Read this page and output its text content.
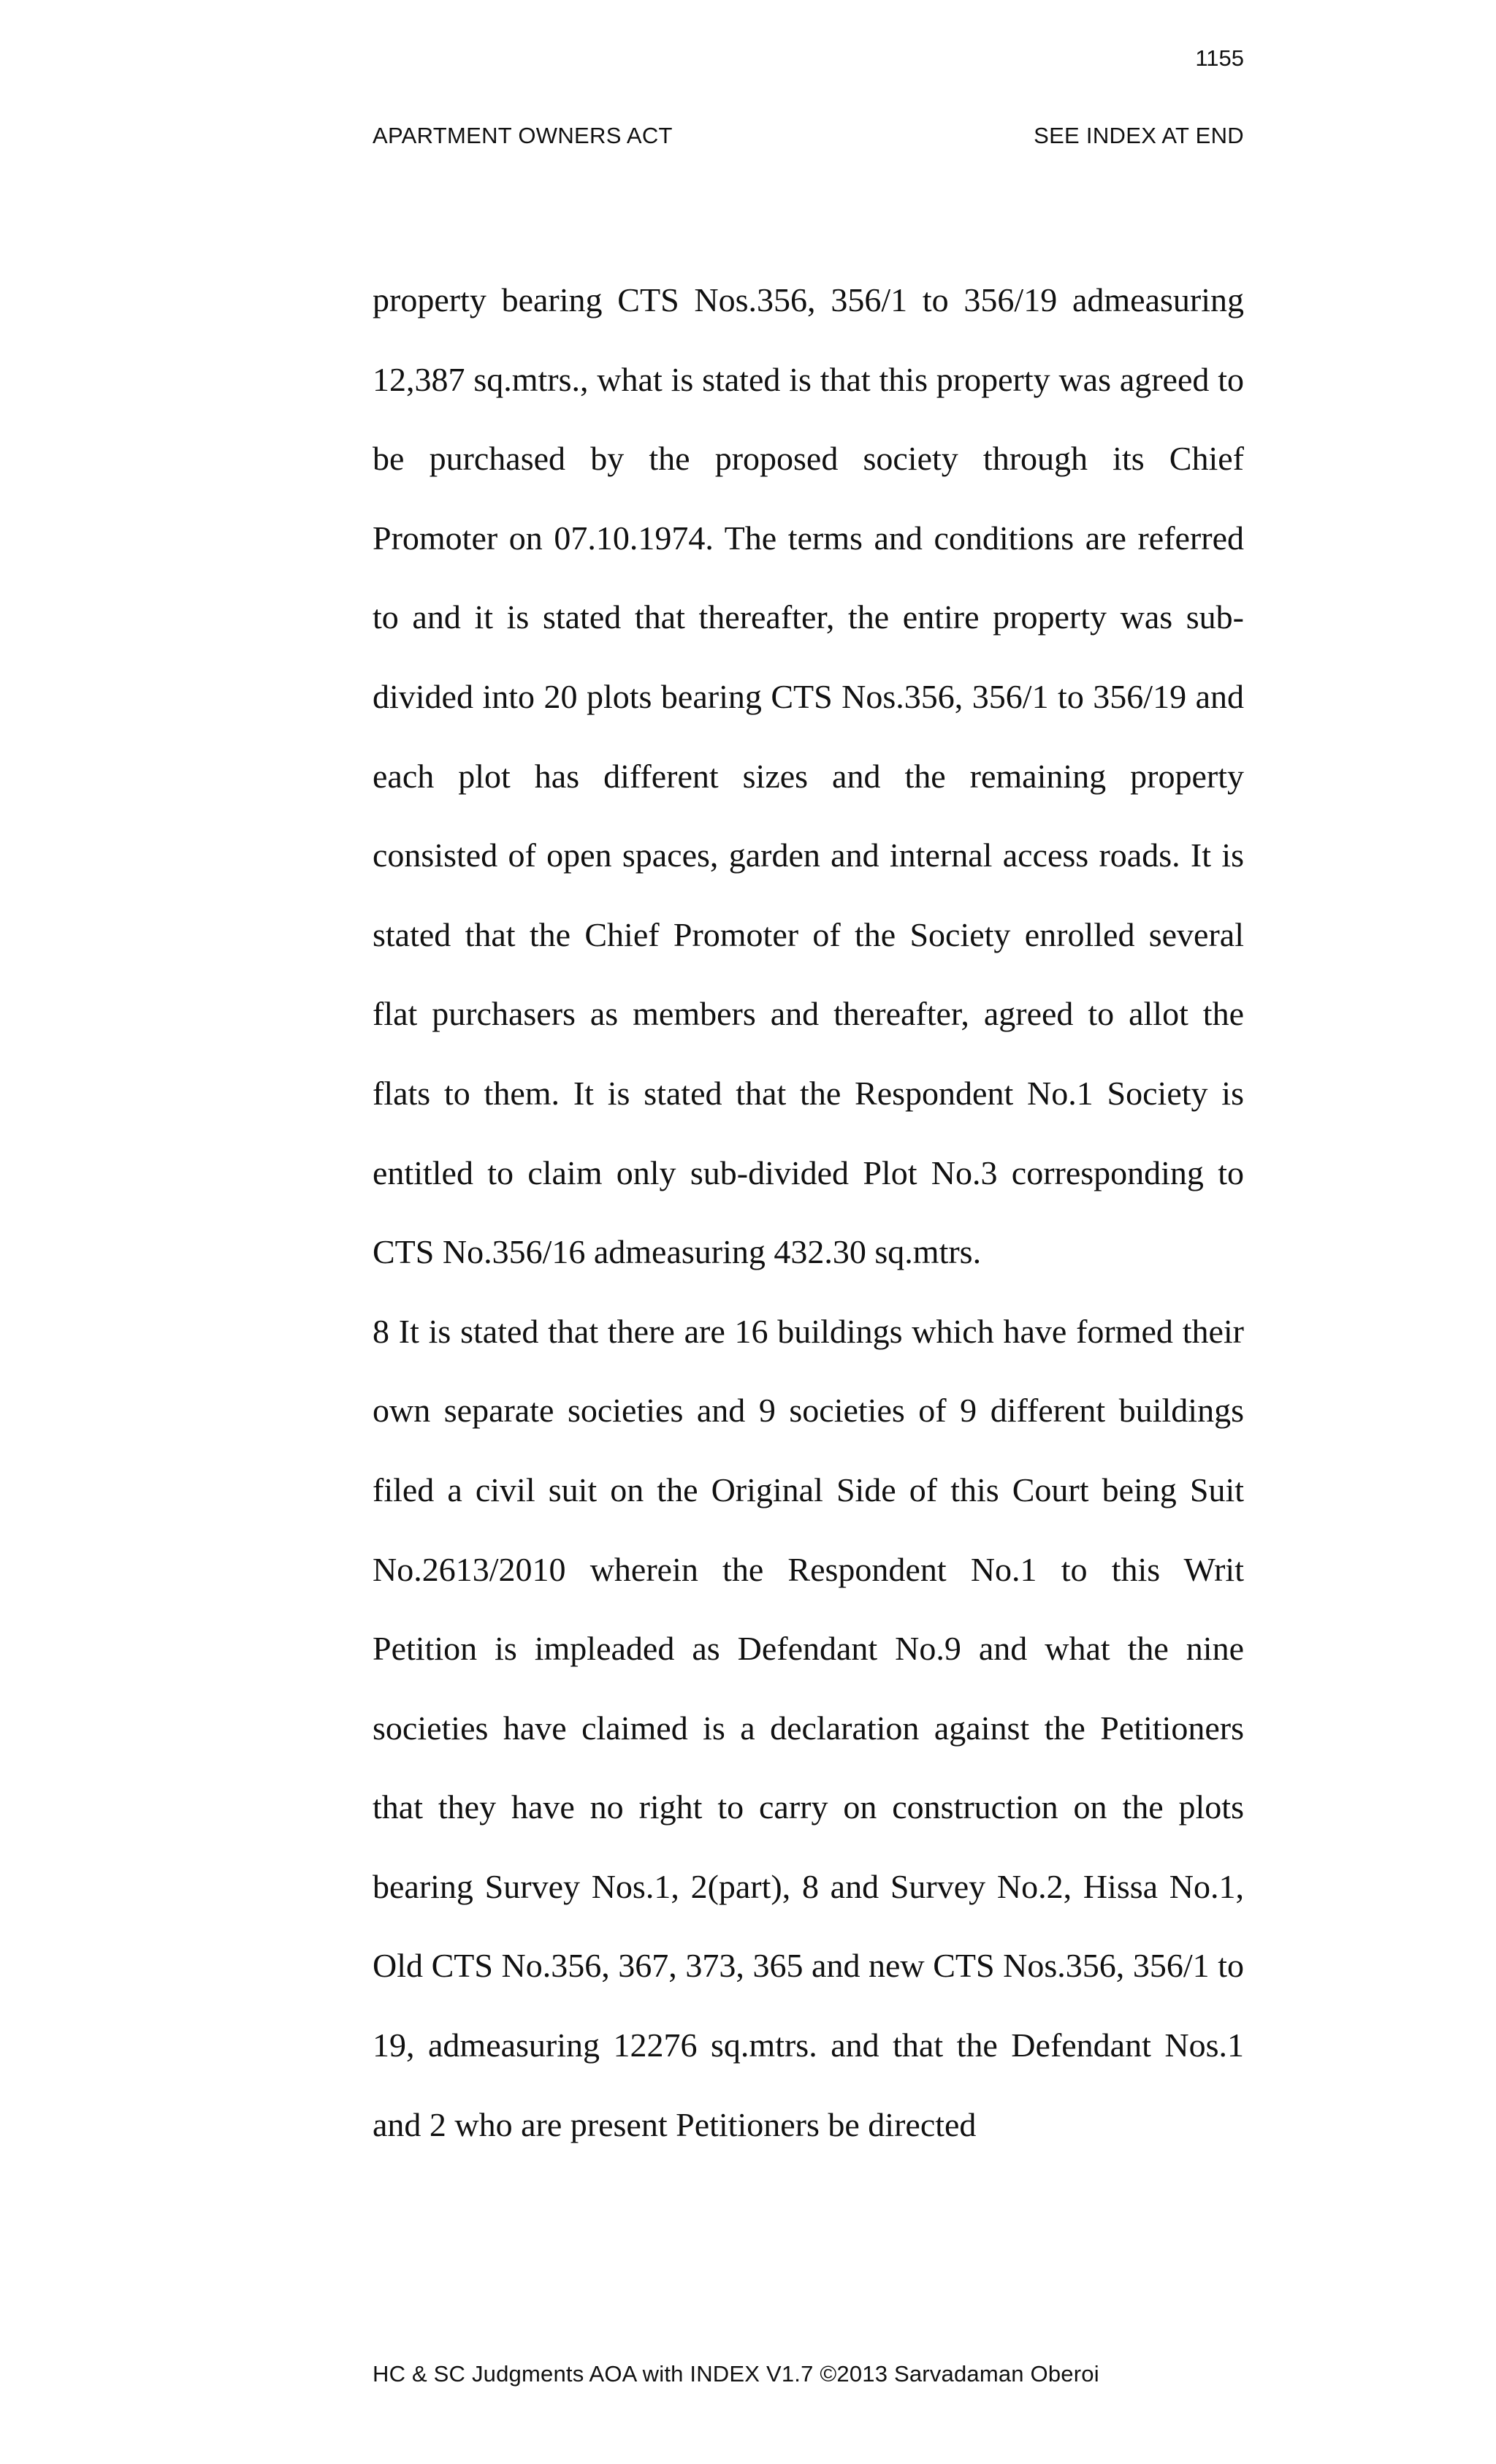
1155
APARTMENT OWNERS ACT	SEE INDEX AT END

property bearing CTS Nos.356, 356/1 to 356/19 admeasuring 12,387 sq.mtrs., what is stated is that this property was agreed to be purchased by the proposed society through its Chief Promoter on 07.10.1974. The terms and conditions are referred to and it is stated that thereafter, the entire property was sub-divided into 20 plots bearing CTS Nos.356, 356/1 to 356/19 and each plot has different sizes and the remaining property consisted of open spaces, garden and internal access roads. It is stated that the Chief Promoter of the Society enrolled several flat purchasers as members and thereafter, agreed to allot the flats to them. It is stated that the Respondent No.1 Society is entitled to claim only sub-divided Plot No.3 corresponding to CTS No.356/16 admeasuring 432.30 sq.mtrs.

8 It is stated that there are 16 buildings which have formed their own separate societies and 9 societies of 9 different buildings filed a civil suit on the Original Side of this Court being Suit No.2613/2010 wherein the Respondent No.1 to this Writ Petition is impleaded as Defendant No.9 and what the nine societies have claimed is a declaration against the Petitioners that they have no right to carry on construction on the plots bearing Survey Nos.1, 2(part), 8 and Survey No.2, Hissa No.1, Old CTS No.356, 367, 373, 365 and new CTS Nos.356, 356/1 to 19, admeasuring 12276 sq.mtrs. and that the Defendant Nos.1 and 2 who are present Petitioners be directed

HC & SC Judgments AOA with INDEX V1.7 ©2013 Sarvadaman Oberoi
